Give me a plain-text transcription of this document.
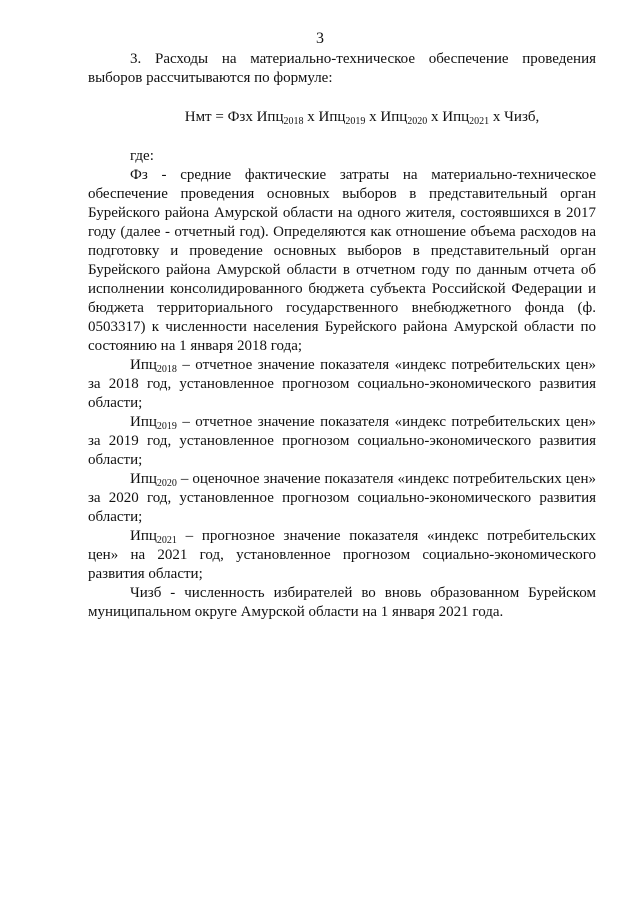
3

3. Расходы на материально-техническое обеспечение проведения выборов рассчитываются по формуле:

Нмт = Фзх Ипц$_{2018}$ х Ипц$_{2019}$ х Ипц$_{2020}$ х Ипц$_{2021}$ х Чизб,

где:

Фз - средние фактические затраты на материально-техническое обеспечение проведения основных выборов в представительный орган Бурейского района Амурской области на одного жителя, состоявшихся в 2017 году (далее - отчетный год). Определяются как отношение объема расходов на подготовку и проведение основных выборов в представительный орган Бурейского района Амурской области в отчетном году по данным отчета об исполнении консолидированного бюджета субъекта Российской Федерации и бюджета территориального государственного внебюджетного фонда (ф. 0503317) к численности населения Бурейского района Амурской области по состоянию на 1 января 2018 года;

Ипц$_{2018}$ – отчетное значение показателя «индекс потребительских цен» за 2018 год, установленное прогнозом социально-экономического развития области;

Ипц$_{2019}$ – отчетное значение показателя «индекс потребительских цен» за 2019 год, установленное прогнозом социально-экономического развития области;

Ипц$_{2020}$ – оценочное значение показателя «индекс потребительских цен» за 2020 год, установленное прогнозом социально-экономического развития области;

Ипц$_{2021}$ – прогнозное значение показателя «индекс потребительских цен» на 2021 год, установленное прогнозом социально-экономического развития области;

Чизб - численность избирателей во вновь образованном Бурейском муниципальном округе Амурской области на 1 января 2021 года.
